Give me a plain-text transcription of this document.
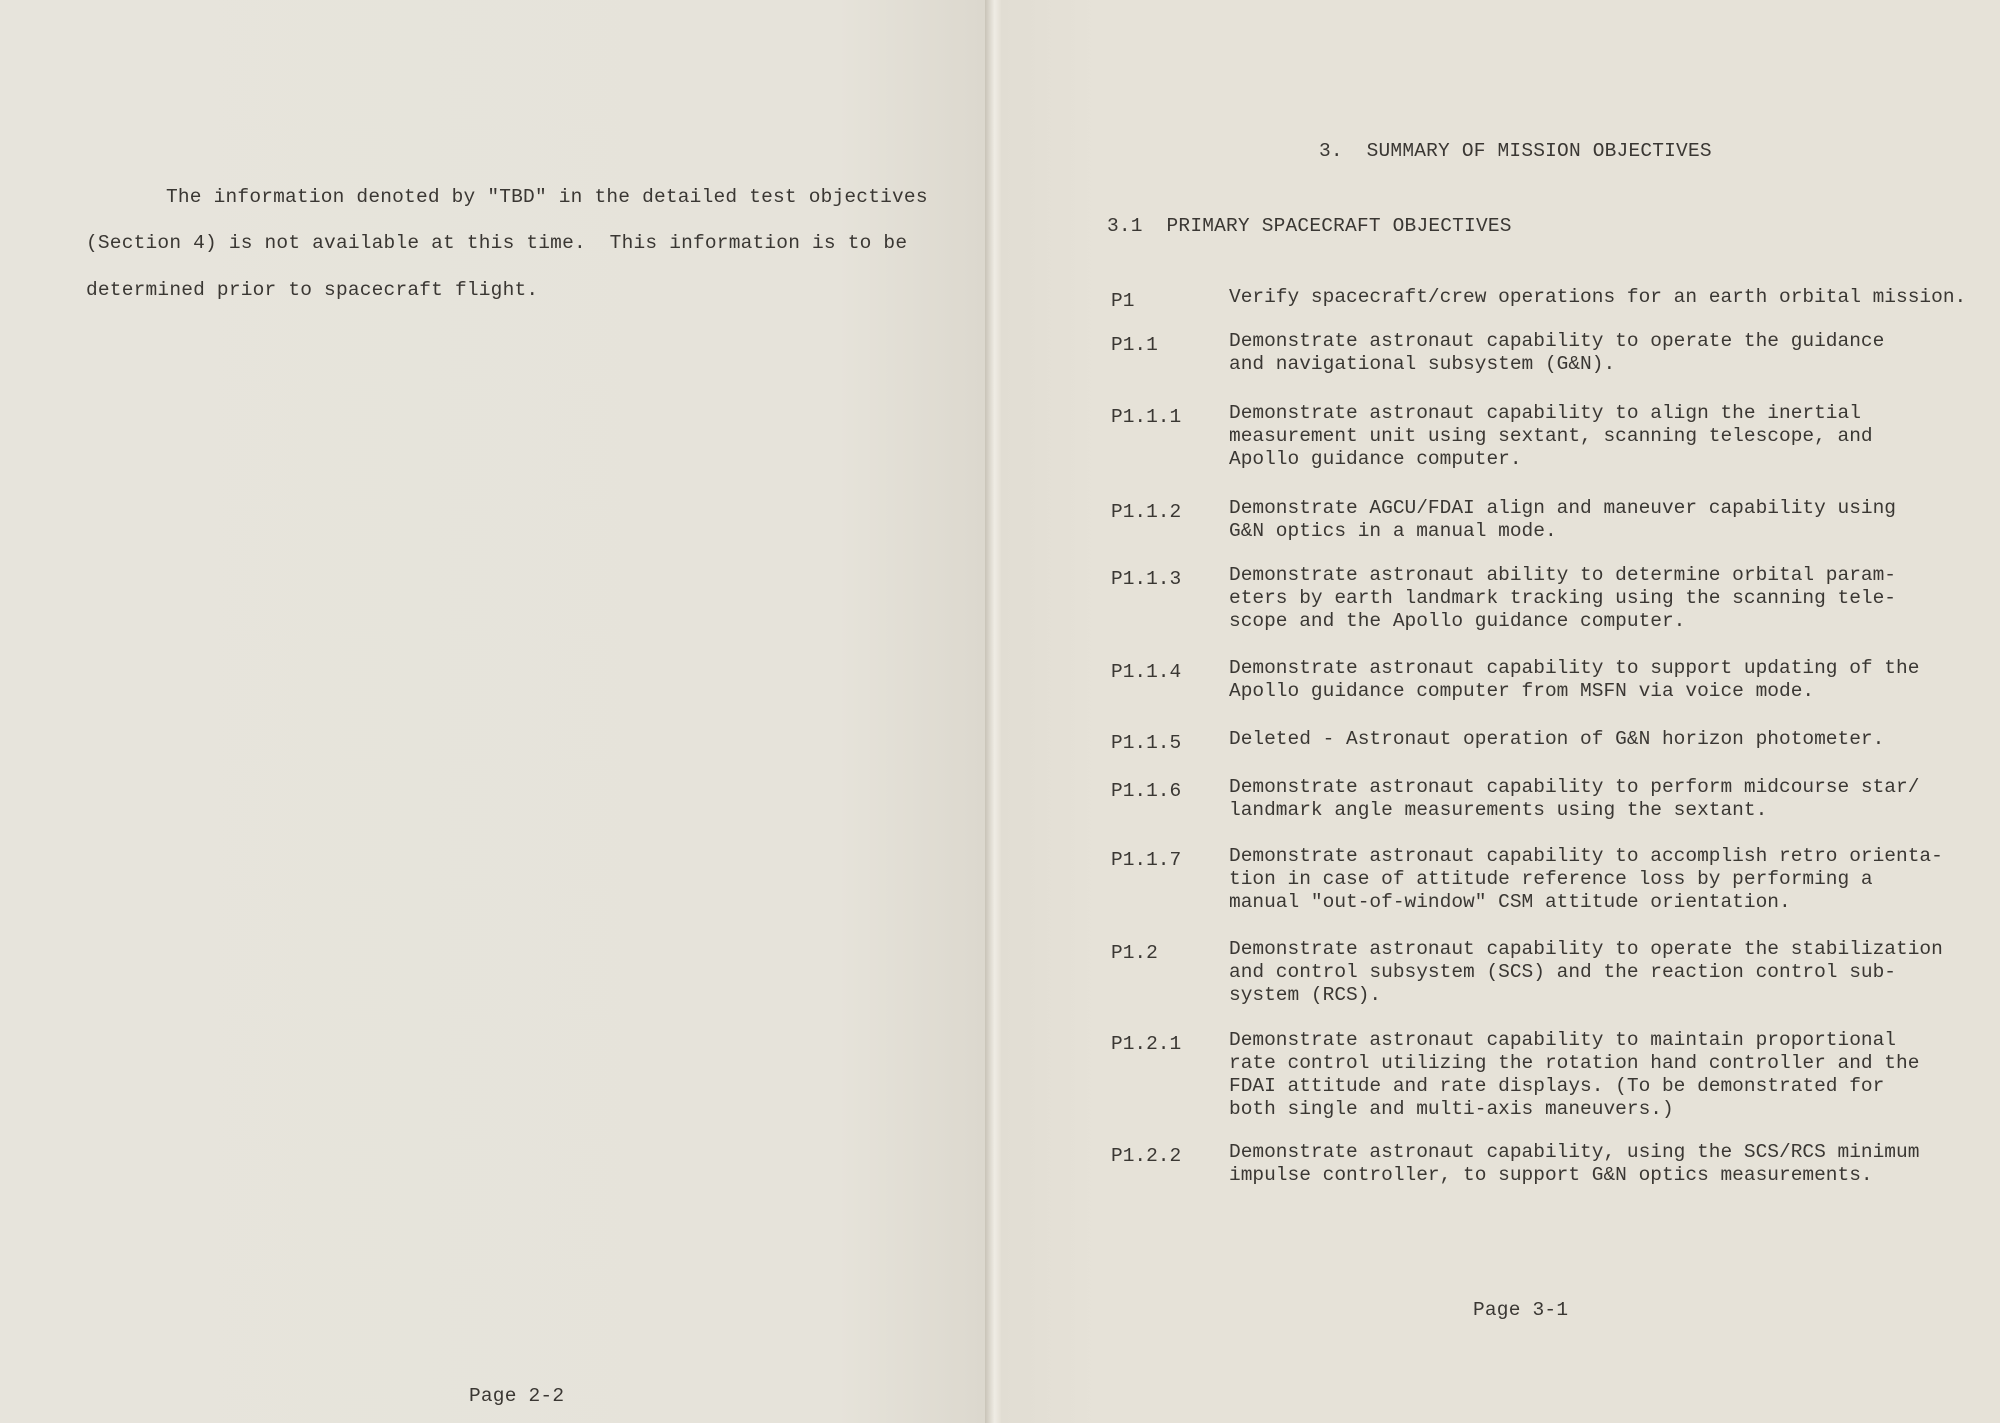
The information denoted by "TBD" in the detailed test objectives
(Section 4) is not available at this time.  This information is to be
determined prior to spacecraft flight.
Page 2-2
3.  SUMMARY OF MISSION OBJECTIVES
3.1  PRIMARY SPACECRAFT OBJECTIVES
P1	Verify spacecraft/crew operations for an earth orbital mission.
P1.1	Demonstrate astronaut capability to operate the guidance
and navigational subsystem (G&N).
P1.1.1 Demonstrate astronaut capability to align the inertial
measurement unit using sextant, scanning telescope, and
Apollo guidance computer.
P1.1.2 Demonstrate AGCU/FDAI align and maneuver capability using
G&N optics in a manual mode.
P1.1.3 Demonstrate astronaut ability to determine orbital param-
eters by earth landmark tracking using the scanning tele-
scope and the Apollo guidance computer.
P1.1.4 Demonstrate astronaut capability to support updating of the
Apollo guidance computer from MSFN via voice mode.
P1.1.5 Deleted - Astronaut operation of G&N horizon photometer.
P1.1.6 Demonstrate astronaut capability to perform midcourse star/
landmark angle measurements using the sextant.
P1.1.7 Demonstrate astronaut capability to accomplish retro orienta-
tion in case of attitude reference loss by performing a
manual "out-of-window" CSM attitude orientation.
P1.2	Demonstrate astronaut capability to operate the stabilization
and control subsystem (SCS) and the reaction control sub-
system (RCS).
P1.2.1 Demonstrate astronaut capability to maintain proportional
rate control utilizing the rotation hand controller and the
FDAI attitude and rate displays. (To be demonstrated for
both single and multi-axis maneuvers.)
P1.2.2 Demonstrate astronaut capability, using the SCS/RCS minimum
impulse controller, to support G&N optics measurements.
Page 3-1
